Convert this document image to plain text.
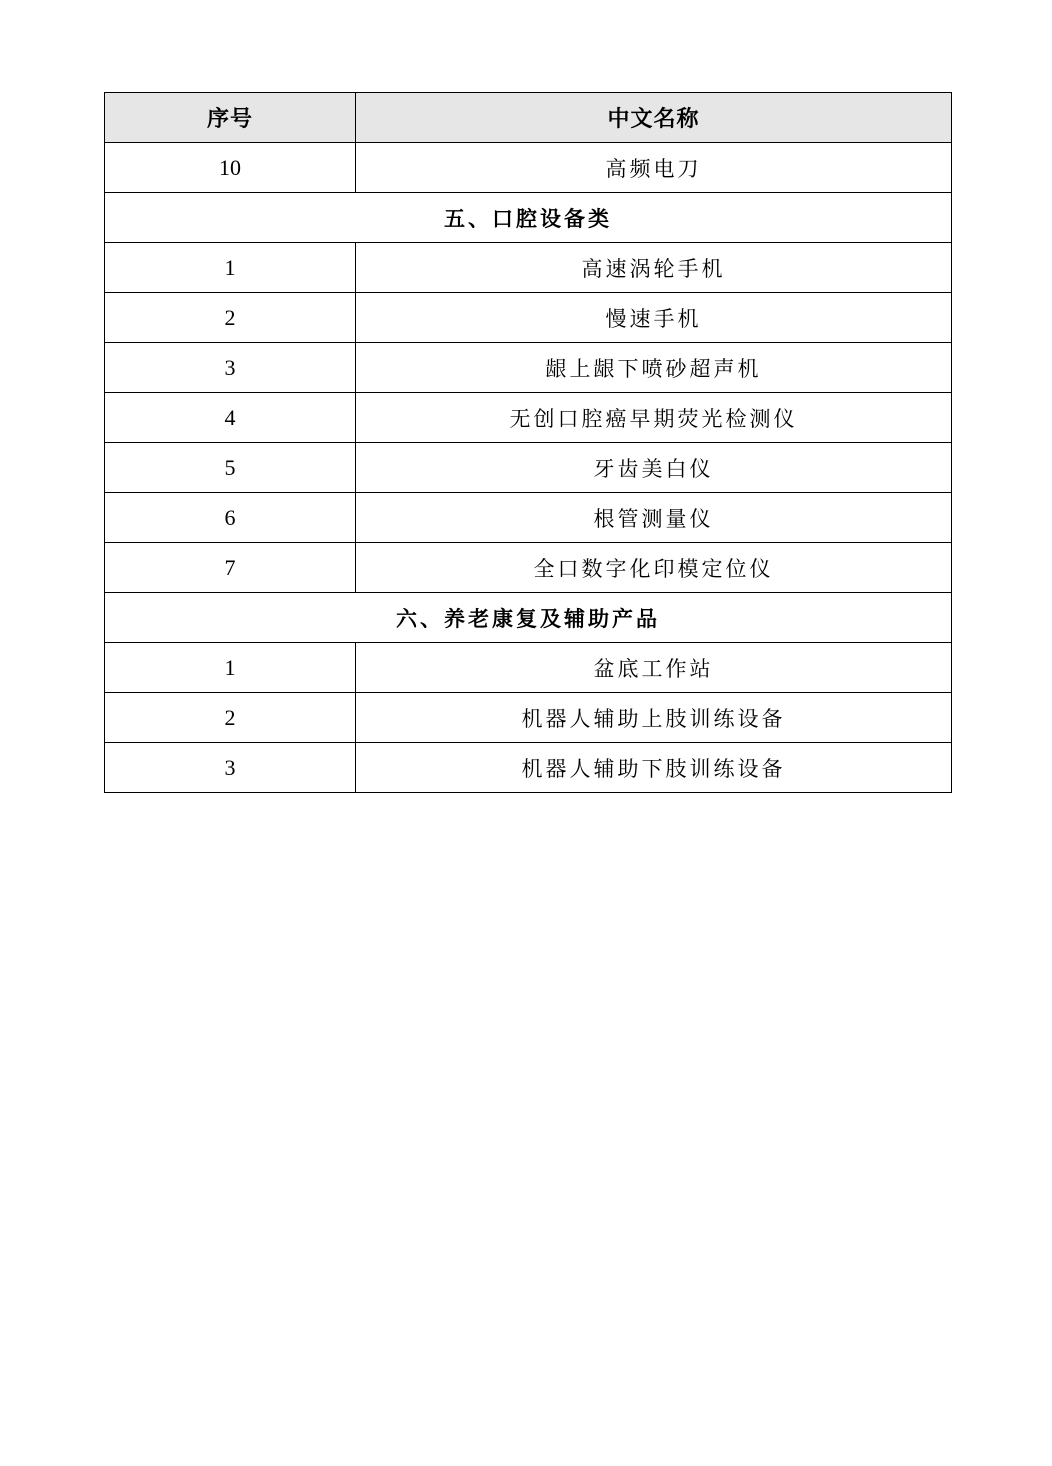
序号	中文名称
10	高频电刀
五、口腔设备类	
1	高速涡轮手机
2	慢速手机
3	龈上龈下喷砂超声机
4	无创口腔癌早期荧光检测仪
5	牙齿美白仪
6	根管测量仪
7	全口数字化印模定位仪
六、养老康复及辅助产品	
1	盆底工作站
2	机器人辅助上肢训练设备
3	机器人辅助下肢训练设备
